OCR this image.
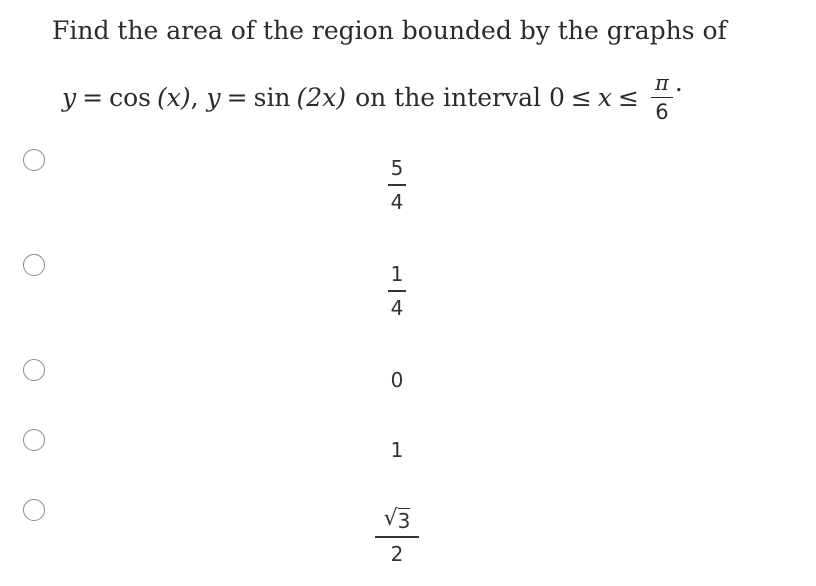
Find the area of the region bounded by the graphs of
y = cos (x) , y = sin (2x) on the interval $0 \le x \le \frac{\pi}{6}$ .
5
4
1
4
0
1
√ 3
2
